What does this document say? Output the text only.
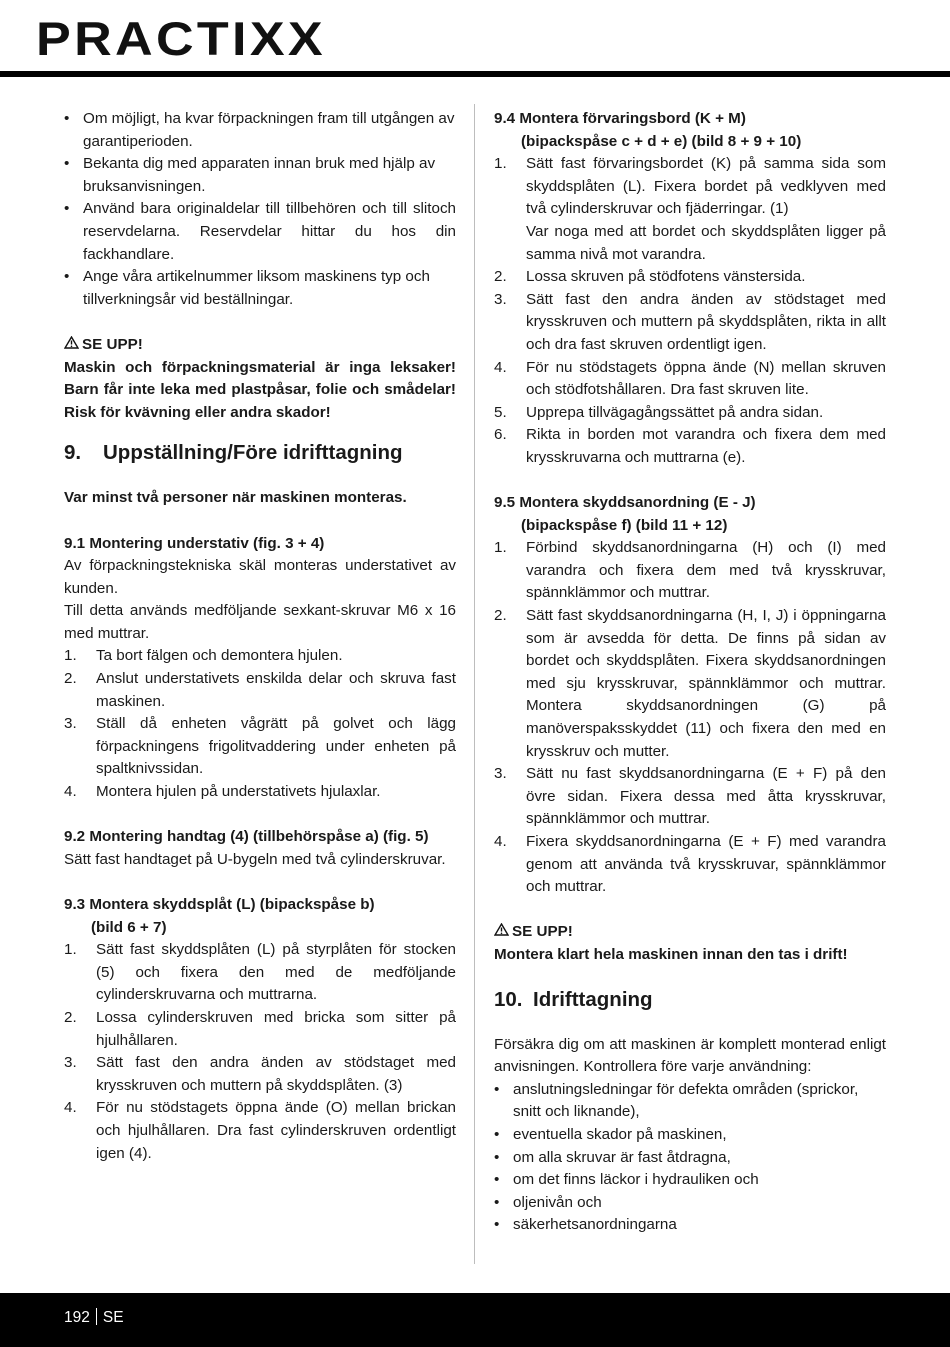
PRACTIXX
• Om möjligt, ha kvar förpackningen fram till utgången av garantiperioden.
• Bekanta dig med apparaten innan bruk med hjälp av bruksanvisningen.
• Använd bara originaldelar till tillbehören och till slitoch reservdelarna. Reservdelar hittar du hos din fackhandlare.
• Ange våra artikelnummer liksom maskinens typ och tillverkningsår vid beställningar.

SE UPP!

Maskin och förpackningsmaterial är inga leksaker! Barn får inte leka med plastpåsar, folie och smådelar! Risk för kvävning eller andra skador!

9. Uppställning/Före idrifttagning

Var minst två personer när maskinen monteras.

9.1 Montering understativ (fig. 3 + 4)

Av förpackningstekniska skäl monteras understativet av kunden.

Till detta används medföljande sexkant-skruvar M6 x 16 med muttrar.

1. Ta bort fälgen och demontera hjulen.
2. Anslut understativets enskilda delar och skruva fast maskinen.
3. Ställ då enheten vågrätt på golvet och lägg förpackningens frigolitvaddering under enheten på spaltknivssidan.
4. Montera hjulen på understativets hjulaxlar.

9.2 Montering handtag (4) (tillbehörspåse a) (fig. 5)

Sätt fast handtaget på U-bygeln med två cylinderskruvar.

9.3 Montera skyddsplåt (L) (bipackspåse b)

(bild 6 + 7)

1. Sätt fast skyddsplåten (L) på styrplåten för stocken (5) och fixera den med de medföljande cylinderskruvarna och muttrarna.
2. Lossa cylinderskruven med bricka som sitter på hjulhållaren.
3. Sätt fast den andra änden av stödstaget med krysskruven och muttern på skyddsplåten. (3)
4. För nu stödstagets öppna ände (O) mellan brickan och hjulhållaren. Dra fast cylinderskruven ordentligt igen (4).

9.4 Montera förvaringsbord (K + M)

(bipackspåse c + d + e) (bild 8 + 9 + 10)

1. Sätt fast förvaringsbordet (K) på samma sida som skyddsplåten (L). Fixera bordet på vedklyven med två cylinderskruvar och fjäderringar. (1)
Var noga med att bordet och skyddsplåten ligger på samma nivå mot varandra.
2. Lossa skruven på stödfotens vänstersida.
3. Sätt fast den andra änden av stödstaget med krysskruven och muttern på skyddsplåten, rikta in allt och dra fast skruven ordentligt igen.
4. För nu stödstagets öppna ände (N) mellan skruven och stödfotshållaren. Dra fast skruven lite.
5. Upprepa tillvägagångssättet på andra sidan.
6. Rikta in borden mot varandra och fixera dem med krysskruvarna och muttrarna (e).

9.5 Montera skyddsanordning (E - J)

(bipackspåse f) (bild 11 + 12)

1. Förbind skyddsanordningarna (H) och (I) med varandra och fixera dem med två krysskruvar, spännklämmor och muttrar.
2. Sätt fast skyddsanordningarna (H, I, J) i öppningarna som är avsedda för detta. De finns på sidan av bordet och skyddsplåten. Fixera skyddsanordningen med sju krysskruvar, spännklämmor och muttrar. Montera skyddsanordningen (G) på manöverspaksskyddet (11) och fixera den med en krysskruv och mutter.
3. Sätt nu fast skyddsanordningarna (E + F) på den övre sidan. Fixera dessa med åtta krysskruvar, spännklämmor och muttrar.
4. Fixera skyddsanordningarna (E + F) med varandra genom att använda två krysskruvar, spännklämmor och muttrar.

SE UPP!

Montera klart hela maskinen innan den tas i drift!

10. Idrifttagning

Försäkra dig om att maskinen är komplett monterad enligt anvisningen. Kontrollera före varje användning:

• anslutningsledningar för defekta områden (sprickor, snitt och liknande),
• eventuella skador på maskinen,
• om alla skruvar är fast åtdragna,
• om det finns läckor i hydrauliken och
• oljenivån och
• säkerhetsanordningarna
192 SE
